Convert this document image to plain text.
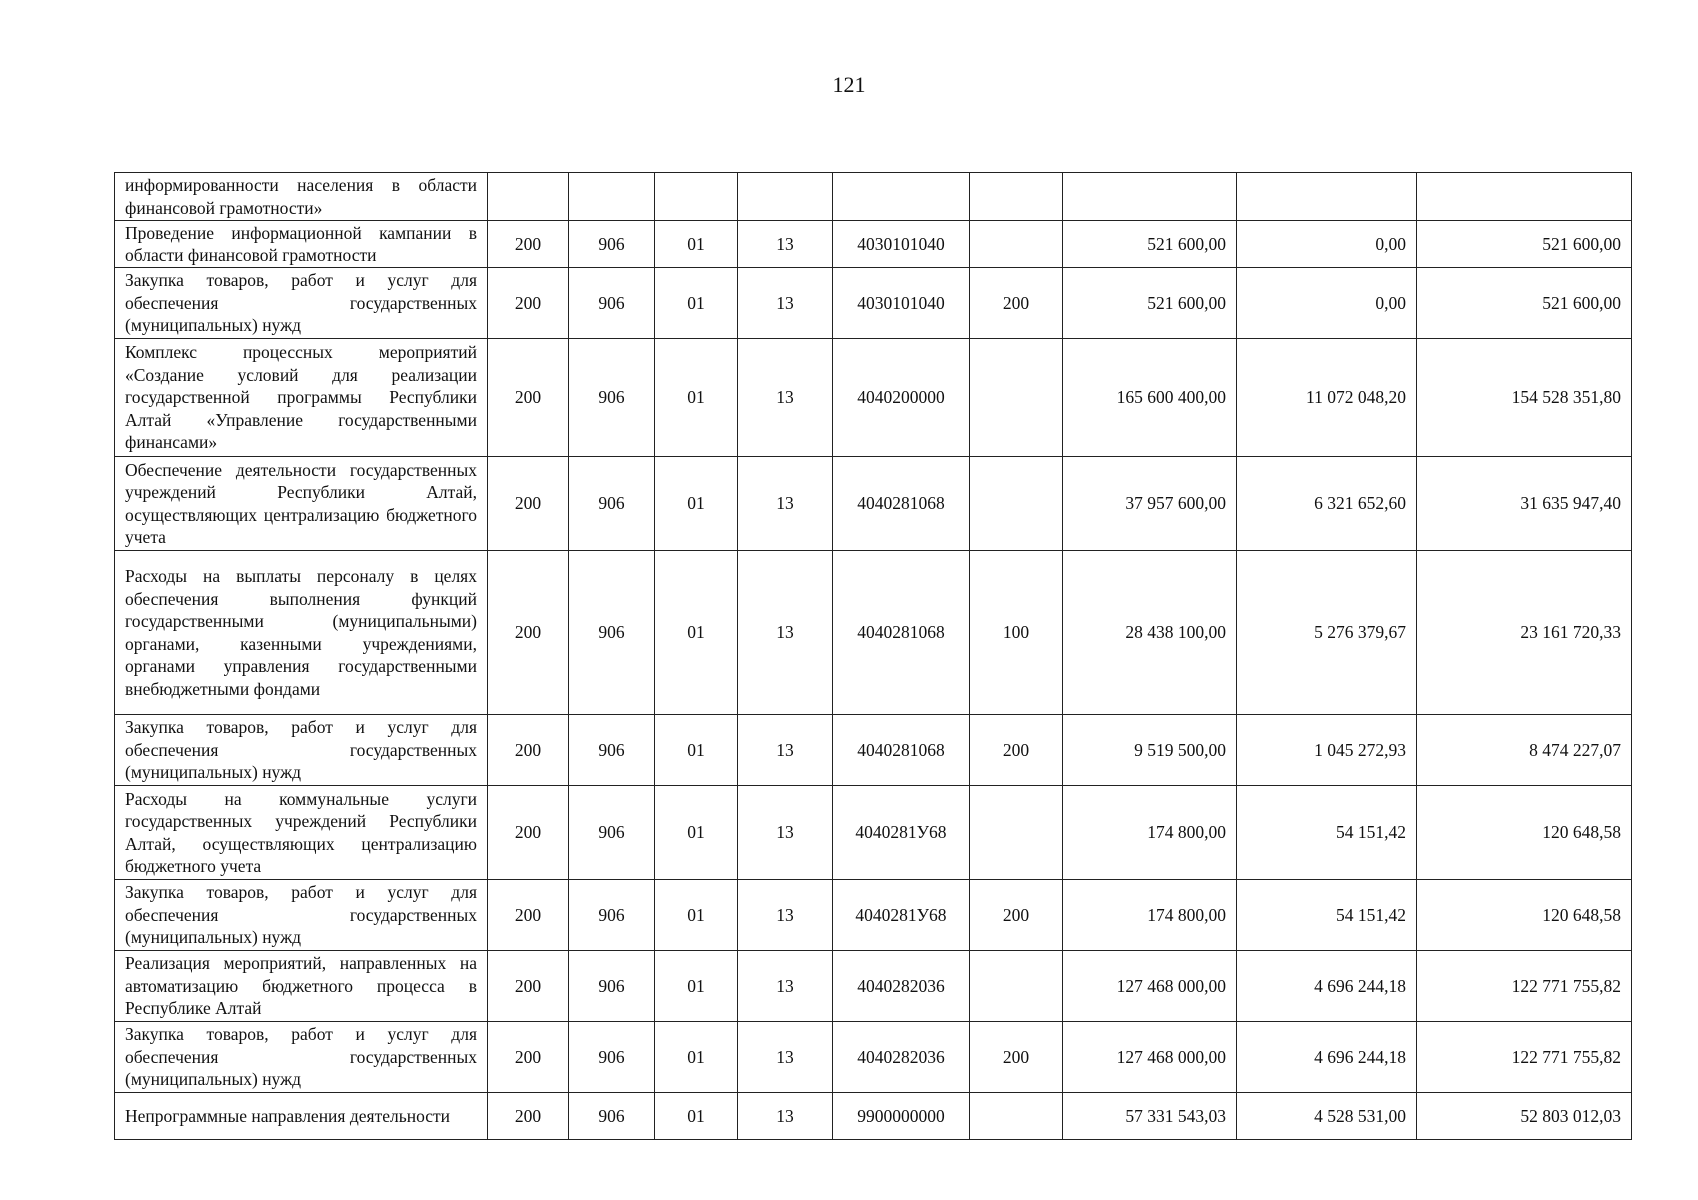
121
информированности населения в области финансовой грамотности»									
Проведение информационной кампании в области финансовой грамотности	200	906	01	13	4030101040		521 600,00	0,00	521 600,00
Закупка товаров, работ и услуг для обеспечения государственных (муниципальных) нужд	200	906	01	13	4030101040	200	521 600,00	0,00	521 600,00
Комплекс процессных мероприятий «Создание условий для реализации государственной программы Республики Алтай «Управление государственными финансами»	200	906	01	13	4040200000		165 600 400,00	11 072 048,20	154 528 351,80
Обеспечение деятельности государственных учреждений Республики Алтай, осуществляющих централизацию бюджетного учета	200	906	01	13	4040281068		37 957 600,00	6 321 652,60	31 635 947,40
Расходы на выплаты персоналу в целях обеспечения выполнения функций государственными (муниципальными) органами, казенными учреждениями, органами управления государственными внебюджетными фондами	200	906	01	13	4040281068	100	28 438 100,00	5 276 379,67	23 161 720,33
Закупка товаров, работ и услуг для обеспечения государственных (муниципальных) нужд	200	906	01	13	4040281068	200	9 519 500,00	1 045 272,93	8 474 227,07
Расходы на коммунальные услуги государственных учреждений Республики Алтай, осуществляющих централизацию бюджетного учета	200	906	01	13	4040281У68		174 800,00	54 151,42	120 648,58
Закупка товаров, работ и услуг для обеспечения государственных (муниципальных) нужд	200	906	01	13	4040281У68	200	174 800,00	54 151,42	120 648,58
Реализация мероприятий, направленных на автоматизацию бюджетного процесса в Республике Алтай	200	906	01	13	4040282036		127 468 000,00	4 696 244,18	122 771 755,82
Закупка товаров, работ и услуг для обеспечения государственных (муниципальных) нужд	200	906	01	13	4040282036	200	127 468 000,00	4 696 244,18	122 771 755,82
Непрограммные направления деятельности	200	906	01	13	9900000000		57 331 543,03	4 528 531,00	52 803 012,03
